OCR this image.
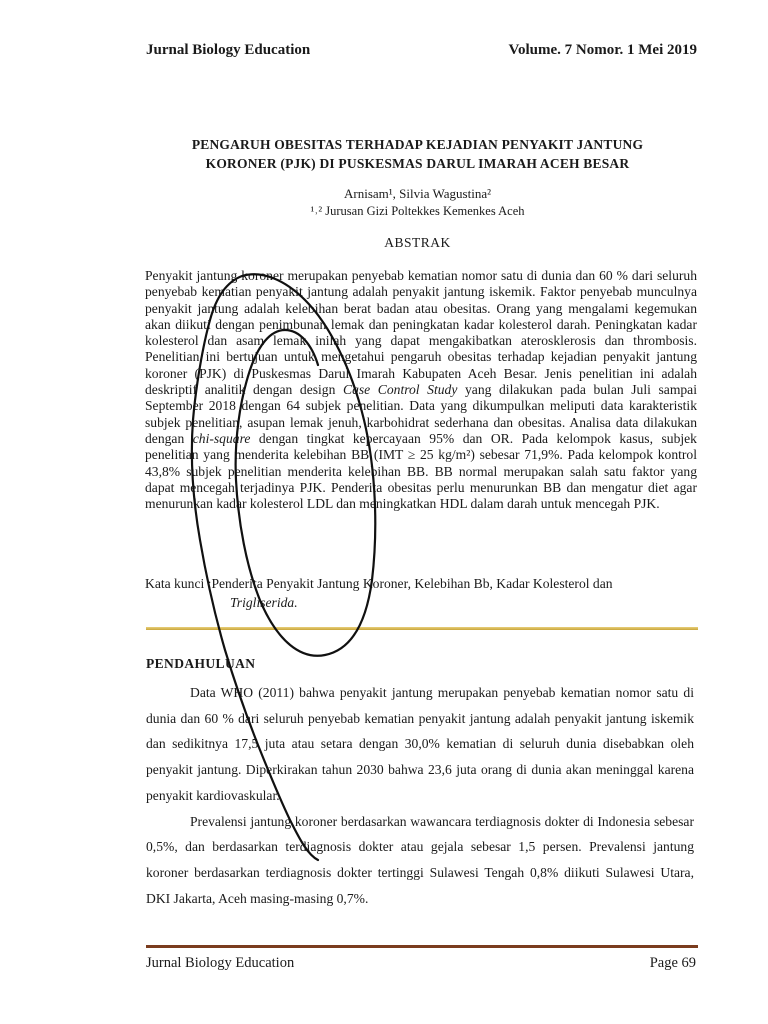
Jurnal Biology Education	Volume. 7 Nomor. 1 Mei 2019
PENGARUH OBESITAS TERHADAP KEJADIAN PENYAKIT JANTUNG
KORONER (PJK) DI PUSKESMAS DARUL IMARAH ACEH BESAR
Arnisam¹, Silvia Wagustina²
¹˒² Jurusan Gizi Poltekkes Kemenkes Aceh
ABSTRAK

Penyakit jantung koroner merupakan penyebab kematian nomor satu di dunia dan 60 % dari seluruh penyebab kematian penyakit jantung adalah penyakit jantung iskemik. Faktor penyebab munculnya penyakit jantung adalah kelebihan berat badan atau obesitas. Orang yang mengalami kegemukan akan diikuti dengan penimbunan lemak dan peningkatan kadar kolesterol darah. Peningkatan kadar kolesterol dan asam lemak inilah yang dapat mengakibatkan aterosklerosis dan thrombosis. Penelitian ini bertujuan untuk mengetahui pengaruh obesitas terhadap kejadian penyakit jantung koroner (PJK) di Puskesmas Darul Imarah Kabupaten Aceh Besar. Jenis penelitian ini adalah deskriptif analitik dengan design Case Control Study yang dilakukan pada bulan Juli sampai September 2018 dengan 64 subjek penelitian. Data yang dikumpulkan meliputi data karakteristik subjek penelitian, asupan lemak jenuh, karbohidrat sederhana dan obesitas. Analisa data dilakukan dengan chi-square dengan tingkat kepercayaan 95% dan OR. Pada kelompok kasus, subjek penelitian yang menderita kelebihan BB (IMT ≥ 25 kg/m²) sebesar 71,9%. Pada kelompok kontrol 43,8% subjek penelitian menderita kelebihan BB. BB normal merupakan salah satu faktor yang dapat mencegah terjadinya PJK. Penderita obesitas perlu menurunkan BB dan mengatur diet agar menurunkan kadar kolesterol LDL dan meningkatkan HDL dalam darah untuk mencegah PJK.

Kata kunci :Penderita Penyakit Jantung Koroner, Kelebihan Bb, Kadar Kolesterol dan
Trigliserida.
PENDAHULUAN

Data WHO (2011) bahwa penyakit jantung merupakan penyebab kematian nomor satu di dunia dan 60 % dari seluruh penyebab kematian penyakit jantung adalah penyakit jantung iskemik dan sedikitnya 17,5 juta atau setara dengan 30,0% kematian di seluruh dunia disebabkan oleh penyakit jantung. Diperkirakan tahun 2030 bahwa 23,6 juta orang di dunia akan meninggal karena penyakit kardiovaskular.

Prevalensi jantung koroner berdasarkan wawancara terdiagnosis dokter di Indonesia sebesar 0,5%, dan berdasarkan terdiagnosis dokter atau gejala sebesar 1,5 persen. Prevalensi jantung koroner berdasarkan terdiagnosis dokter tertinggi Sulawesi Tengah 0,8% diikuti Sulawesi Utara, DKI Jakarta, Aceh masing-masing 0,7%.

Jurnal Biology Education	Page 69
